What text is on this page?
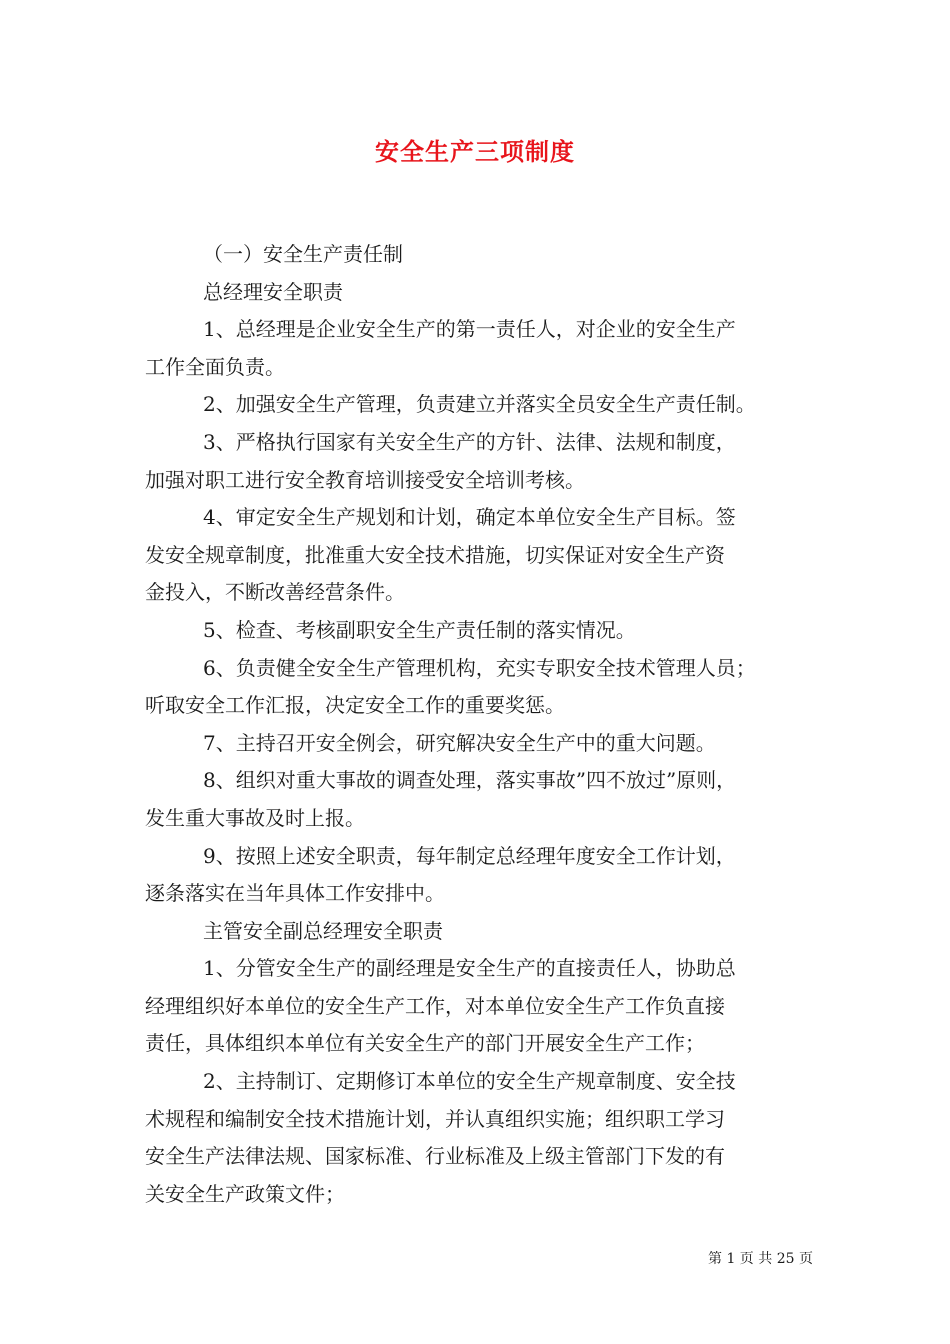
安全生产三项制度

（一）安全生产责任制

总经理安全职责

1、总经理是企业安全生产的第一责任人，对企业的安全生产

工作全面负责。

2、加强安全生产管理，负责建立并落实全员安全生产责任制。

3、严格执行国家有关安全生产的方针、法律、法规和制度，

加强对职工进行安全教育培训接受安全培训考核。

4、审定安全生产规划和计划，确定本单位安全生产目标。签

发安全规章制度，批准重大安全技术措施，切实保证对安全生产资

金投入，不断改善经营条件。

5、检查、考核副职安全生产责任制的落实情况。

6、负责健全安全生产管理机构，充实专职安全技术管理人员；

听取安全工作汇报，决定安全工作的重要奖惩。

7、主持召开安全例会，研究解决安全生产中的重大问题。

8、组织对重大事故的调查处理，落实事故”四不放过”原则，

发生重大事故及时上报。

9、按照上述安全职责，每年制定总经理年度安全工作计划，

逐条落实在当年具体工作安排中。

主管安全副总经理安全职责

1、分管安全生产的副经理是安全生产的直接责任人，协助总

经理组织好本单位的安全生产工作，对本单位安全生产工作负直接

责任，具体组织本单位有关安全生产的部门开展安全生产工作；

2、主持制订、定期修订本单位的安全生产规章制度、安全技

术规程和编制安全技术措施计划，并认真组织实施；组织职工学习

安全生产法律法规、国家标准、行业标准及上级主管部门下发的有

关安全生产政策文件；

第 1 页 共 25 页
